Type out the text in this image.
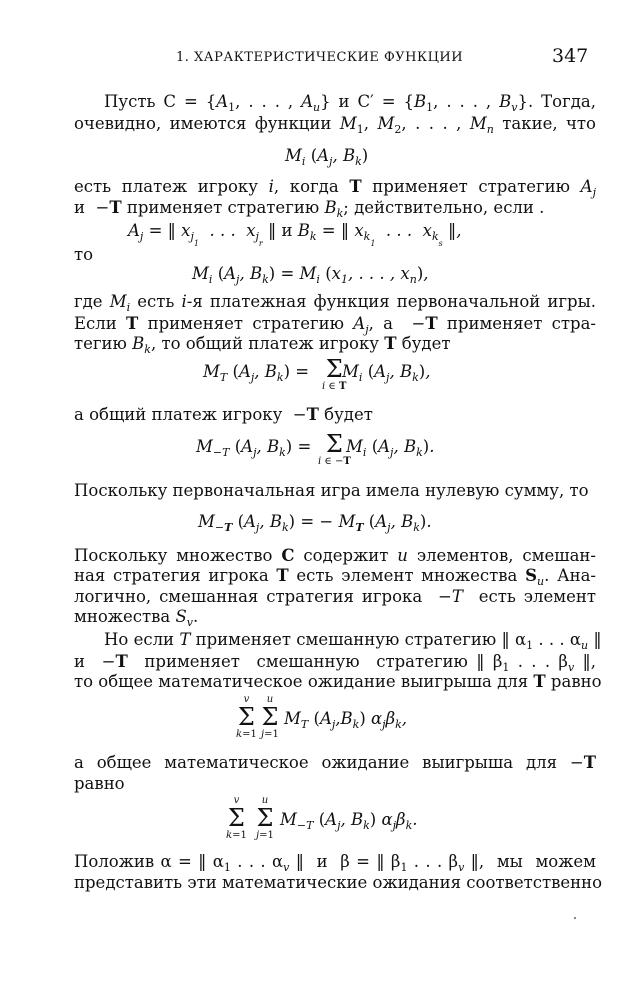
1. ХАРАКТЕРИСТИЧЕСКИЕ ФУНКЦИИ	347
Пусть $C = \{A_1$, . . . , $A_u$} и $C' = \{B_1$, . . . , $B_v$}. Тогда,
очевидно, имеются функции $M_1$, $M_2$, . . . , $M_n$ такие, что
$M_i$ ($A_j$, $B_k$)
есть платеж игроку i, когда T применяет стратегию $A_j$
и  −T применяет стратегию $B_k$; действительно, если .
$A_j$ = ‖ $x_{j_1}$  . . .  $x_{j_r}$ ‖ и $B_k$ = ‖ $x_{k_1}$  . . .  $x_{k_s}$ ‖,
то
$M_i$ ($A_j$, $B_k) = M_i$ ($x_1$, . . . , $x_n$),
где $M_i$ есть i-я платежная функция первоначальной игры.
Если T применяет стратегию $A_j$, а  −T применяет стра-
тегию $B_k$, то общий платеж игроку T будет
$M_T$ ($A_j$, $B_k) = \Sigma$
i ∈ T
$M_i$ ($A_j$, $B_k$),
а общий платеж игроку  −T будет
$M_{-T}$ ($A_j$, $B_k) = \Sigma$
i ∈ −T
$M_i$ ($A_j$, $B_k$).
Поскольку первоначальная игра имела нулевую сумму, то
$M_{-T}$ ($A_j$, $B_k$) = − $M_T$ ($A_j$, $B_k$).
Поскольку множество C содержит u элементов, смешан-
ная стратегия игрока T есть элемент множества $S_u$. Ана-
логично, смешанная стратегия игрока  −T  есть элемент
множества $S_v$.
Но если T применяет смешанную стратегию ‖ $\alpha_1$ . . . $\alpha_u$ ‖
и  −T  применяет  смешанную  стратегию ‖ $\beta_1$ . . . $\beta_v$ ‖,
то общее математическое ожидание выигрыша для T равно
v
Σ
k=1
u
Σ
j=1
$M_T$ $(A_j,B_k)$ $\alpha_j\beta_k$,
а  общее  математическое  ожидание  выигрыша  для  −T
равно
v
Σ
k=1
u
Σ
j=1
$M_{-T}$ ($A_j$, $B_k$) $\alpha_j\beta_k$.
Положив α = ‖ $\alpha_1$ . . . $\alpha_v$ ‖  и  β = ‖ $\beta_1$ . . . $\beta_v$ ‖,  мы  можем
представить эти математические ожидания соответственно
